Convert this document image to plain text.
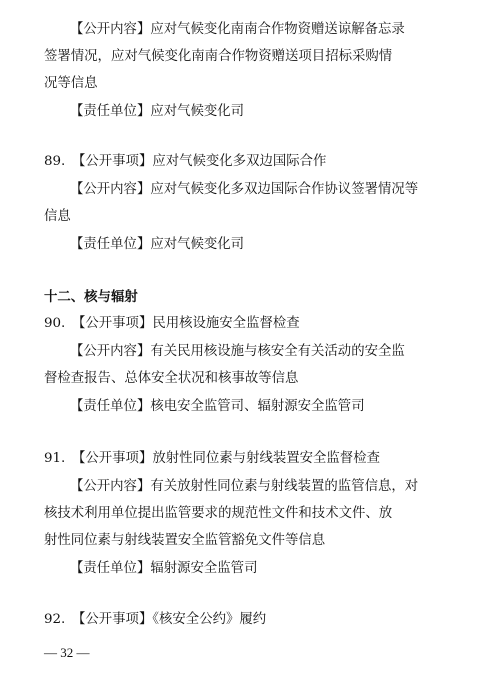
【公开内容】应对气候变化南南合作物资赠送谅解备忘录
签署情况，应对气候变化南南合作物资赠送项目招标采购情
况等信息
【责任单位】应对气候变化司
89.　【公开事项】应对气候变化多双边国际合作
【公开内容】应对气候变化多双边国际合作协议签署情况等
信息
【责任单位】应对气候变化司
十二、核与辐射
90.　【公开事项】民用核设施安全监督检查
【公开内容】有关民用核设施与核安全有关活动的安全监
督检查报告、总体安全状况和核事故等信息
【责任单位】核电安全监管司、辐射源安全监管司
91.　【公开事项】放射性同位素与射线装置安全监督检查
【公开内容】有关放射性同位素与射线装置的监管信息，对
核技术利用单位提出监管要求的规范性文件和技术文件、放
射性同位素与射线装置安全监管豁免文件等信息
【责任单位】辐射源安全监管司
92.　【公开事项】《核安全公约》履约
— 32 —
